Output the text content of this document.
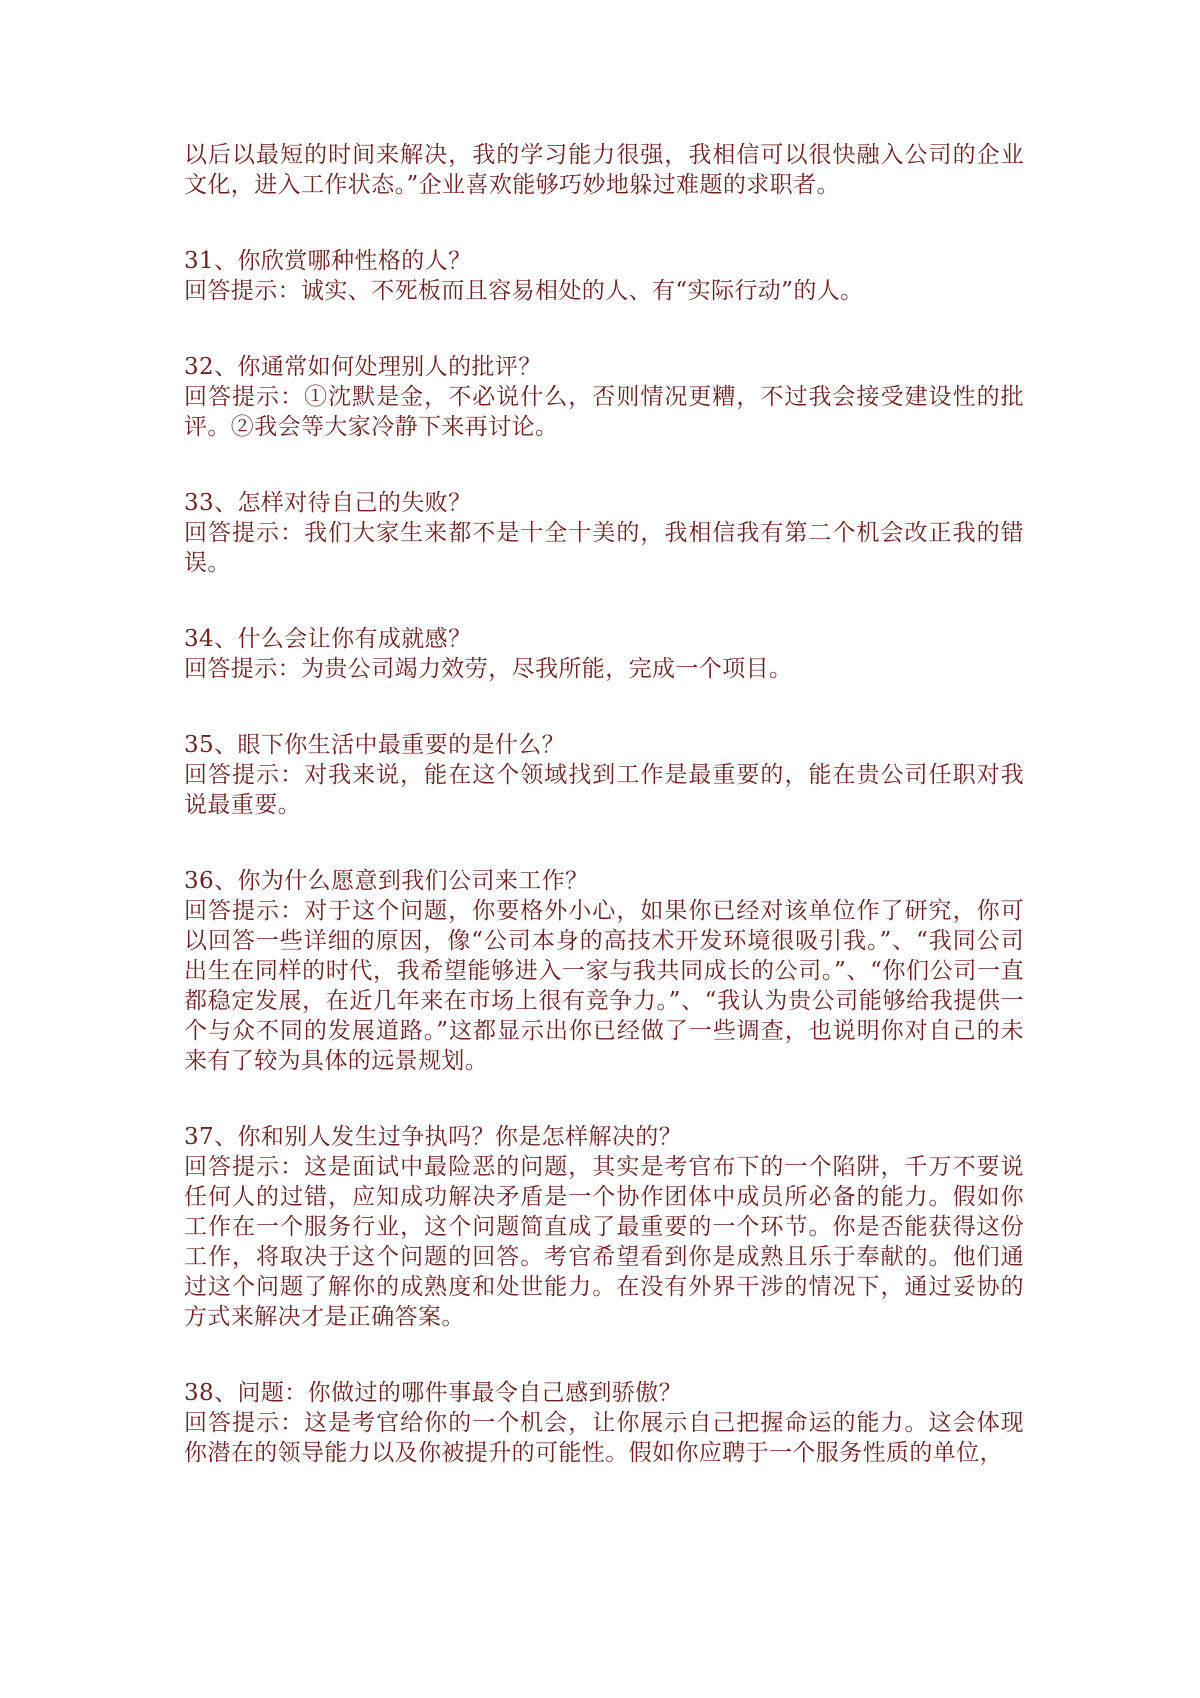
以后以最短的时间来解决，我的学习能力很强，我相信可以很快融入公司的企业文化，进入工作状态。”企业喜欢能够巧妙地躲过难题的求职者。

31、你欣赏哪种性格的人？

回答提示：诚实、不死板而且容易相处的人、有“实际行动”的人。

32、你通常如何处理别人的批评？

回答提示：①沈默是金，不必说什么，否则情况更糟，不过我会接受建设性的批评。②我会等大家冷静下来再讨论。

33、怎样对待自己的失败？

回答提示：我们大家生来都不是十全十美的，我相信我有第二个机会改正我的错误。

34、什么会让你有成就感？

回答提示：为贵公司竭力效劳，尽我所能，完成一个项目。

35、眼下你生活中最重要的是什么？

回答提示：对我来说，能在这个领域找到工作是最重要的，能在贵公司任职对我说最重要。

36、你为什么愿意到我们公司来工作？

回答提示：对于这个问题，你要格外小心，如果你已经对该单位作了研究，你可以回答一些详细的原因，像“公司本身的高技术开发环境很吸引我。”、“我同公司出生在同样的时代，我希望能够进入一家与我共同成长的公司。”、“你们公司一直都稳定发展，在近几年来在市场上很有竞争力。”、“我认为贵公司能够给我提供一个与众不同的发展道路。”这都显示出你已经做了一些调查，也说明你对自己的未来有了较为具体的远景规划。

37、你和别人发生过争执吗？你是怎样解决的？

回答提示：这是面试中最险恶的问题，其实是考官布下的一个陷阱，千万不要说任何人的过错，应知成功解决矛盾是一个协作团体中成员所必备的能力。假如你工作在一个服务行业，这个问题简直成了最重要的一个环节。你是否能获得这份工作，将取决于这个问题的回答。考官希望看到你是成熟且乐于奉献的。他们通过这个问题了解你的成熟度和处世能力。在没有外界干涉的情况下，通过妥协的方式来解决才是正确答案。

38、问题：你做过的哪件事最令自己感到骄傲？

回答提示：这是考官给你的一个机会，让你展示自己把握命运的能力。这会体现你潜在的领导能力以及你被提升的可能性。假如你应聘于一个服务性质的单位，
